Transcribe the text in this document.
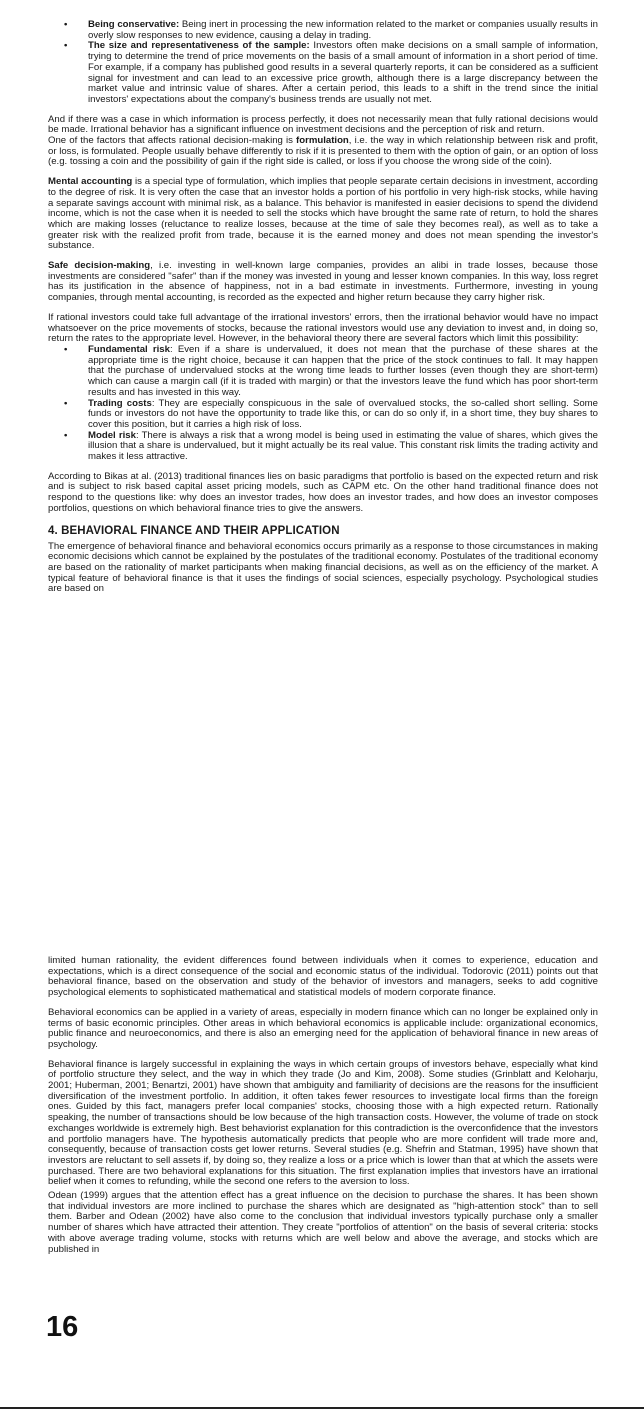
• Being conservative: Being inert in processing the new information related to the market or companies usually results in overly slow responses to new evidence, causing a delay in trading.
• The size and representativeness of the sample: Investors often make decisions on a small sample of information, trying to determine the trend of price movements on the basis of a small amount of information in a short period of time. For example, if a company has published good results in a several quarterly reports, it can be considered as a sufficient signal for investment and can lead to an excessive price growth, although there is a large discrepancy between the market value and intrinsic value of shares. After a certain period, this leads to a shift in the trend since the initial investors' expectations about the company's business trends are usually not met.

And if there was a case in which information is process perfectly, it does not necessarily mean that fully rational decisions would be made. Irrational behavior has a significant influence on investment decisions and the perception of risk and return.

One of the factors that affects rational decision-making is formulation, i.e. the way in which relationship between risk and profit, or loss, is formulated. People usually behave differently to risk if it is presented to them with the option of gain, or an option of loss (e.g. tossing a coin and the possibility of gain if the right side is called, or loss if you choose the wrong side of the coin).

Mental accounting is a special type of formulation, which implies that people separate certain decisions in investment, according to the degree of risk. It is very often the case that an investor holds a portion of his portfolio in very high-risk stocks, while having a separate savings account with minimal risk, as a balance. This behavior is manifested in easier decisions to spend the dividend income, which is not the case when it is needed to sell the stocks which have brought the same rate of return, to hold the shares which are making losses (reluctance to realize losses, because at the time of sale they becomes real), as well as to take a greater risk with the realized profit from trade, because it is the earned money and does not mean spending the investor's substance.

Safe decision-making, i.e. investing in well-known large companies, provides an alibi in trade losses, because those investments are considered "safer" than if the money was invested in young and lesser known companies. In this way, loss regret has its justification in the absence of happiness, not in a bad estimate in investments. Furthermore, investing in young companies, through mental accounting, is recorded as the expected and higher return because they carry higher risk.

If rational investors could take full advantage of the irrational investors' errors, then the irrational behavior would have no impact whatsoever on the price movements of stocks, because the rational investors would use any deviation to invest and, in doing so, return the rates to the appropriate level. However, in the behavioral theory there are several factors which limit this possibility:

• Fundamental risk: Even if a share is undervalued, it does not mean that the purchase of these shares at the appropriate time is the right choice, because it can happen that the price of the stock continues to fall. It may happen that the purchase of undervalued stocks at the wrong time leads to further losses (even though they are short-term) which can cause a margin call (if it is traded with margin) or that the investors leave the fund which has poor short-term results and has invested in this way.
• Trading costs: They are especially conspicuous in the sale of overvalued stocks, the so-called short selling. Some funds or investors do not have the opportunity to trade like this, or can do so only if, in a short time, they buy shares to cover this position, but it carries a high risk of loss.
• Model risk: There is always a risk that a wrong model is being used in estimating the value of shares, which gives the illusion that a share is undervalued, but it might actually be its real value. This constant risk limits the trading activity and makes it less attractive.

According to Bikas at al. (2013) traditional finances lies on basic paradigms that portfolio is based on the expected return and risk and is subject to risk based capital asset pricing models, such as CAPM etc. On the other hand traditional finance does not respond to the questions like: why does an investor trades, how does an investor trades, and how does an investor composes portfolios, questions on which behavioral finance tries to give the answers.

4. BEHAVIORAL FINANCE AND THEIR APPLICATION

The emergence of behavioral finance and behavioral economics occurs primarily as a response to those circumstances in making economic decisions which cannot be explained by the postulates of the traditional economy. Postulates of the traditional economy are based on the rationality of market participants when making financial decisions, as well as on the efficiency of the market. A typical feature of behavioral finance is that it uses the findings of social sciences, especially psychology. Psychological studies are based on

limited human rationality, the evident differences found between individuals when it comes to experience, education and expectations, which is a direct consequence of the social and economic status of the individual. Todorovic (2011) points out that behavioral finance, based on the observation and study of the behavior of investors and managers, seeks to add cognitive psychological elements to sophisticated mathematical and statistical models of modern corporate finance.

Behavioral economics can be applied in a variety of areas, especially in modern finance which can no longer be explained only in terms of basic economic principles. Other areas in which behavioral economics is applicable include: organizational economics, public finance and neuroeconomics, and there is also an emerging need for the application of behavioral finance in new areas of psychology.

Behavioral finance is largely successful in explaining the ways in which certain groups of investors behave, especially what kind of portfolio structure they select, and the way in which they trade (Jo and Kim, 2008). Some studies (Grinblatt and Keloharju, 2001; Huberman, 2001; Benartzi, 2001) have shown that ambiguity and familiarity of decisions are the reasons for the insufficient diversification of the investment portfolio. In addition, it often takes fewer resources to investigate local firms than the foreign ones. Guided by this fact, managers prefer local companies' stocks, choosing those with a high expected return. Rationally speaking, the number of transactions should be low because of the high transaction costs. However, the volume of trade on stock exchanges worldwide is extremely high. Best behaviorist explanation for this contradiction is the overconfidence that the investors and portfolio managers have. The hypothesis automatically predicts that people who are more confident will trade more and, consequently, because of transaction costs get lower returns. Several studies (e.g. Shefrin and Statman, 1995) have shown that investors are reluctant to sell assets if, by doing so, they realize a loss or a price which is lower than that at which the assets were purchased. There are two behavioral explanations for this situation. The first explanation implies that investors have an irrational belief when it comes to refunding, while the second one refers to the aversion to loss.

Odean (1999) argues that the attention effect has a great influence on the decision to purchase the shares. It has been shown that individual investors are more inclined to purchase the shares which are designated as "high-attention stock" than to sell them. Barber and Odean (2002) have also come to the conclusion that individual investors typically purchase only a smaller number of shares which have attracted their attention. They create "portfolios of attention" on the basis of several criteria: stocks with above average trading volume, stocks with returns which are well below and above the average, and stocks which are published in

16
